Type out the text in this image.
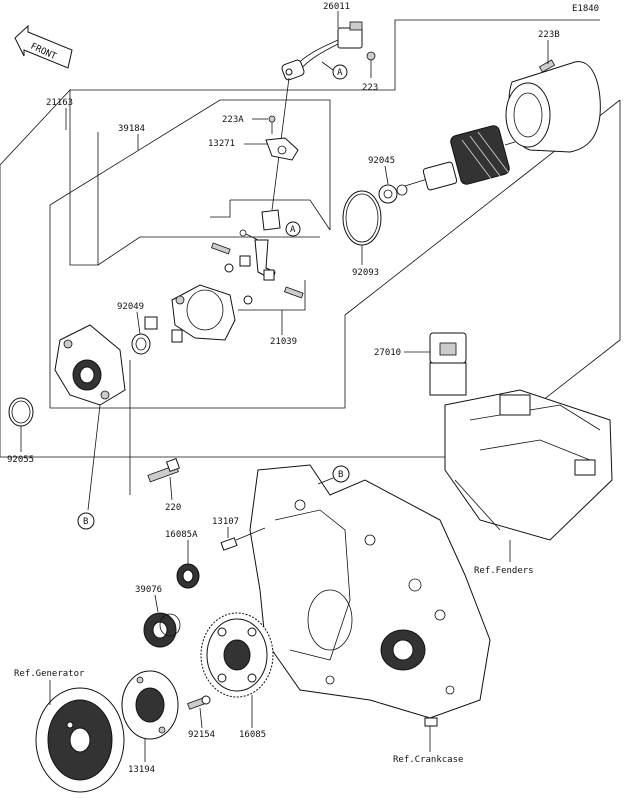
FRONT
E1840
26011
A
223
223B
92045
92093
21163
39184
223A
13271
A
21039
92049
92055
B
27010
Ref.Fenders
B
Ref.Crankcase
220
13107
16085A
39076
16085
92154
13194
Ref.Generator
